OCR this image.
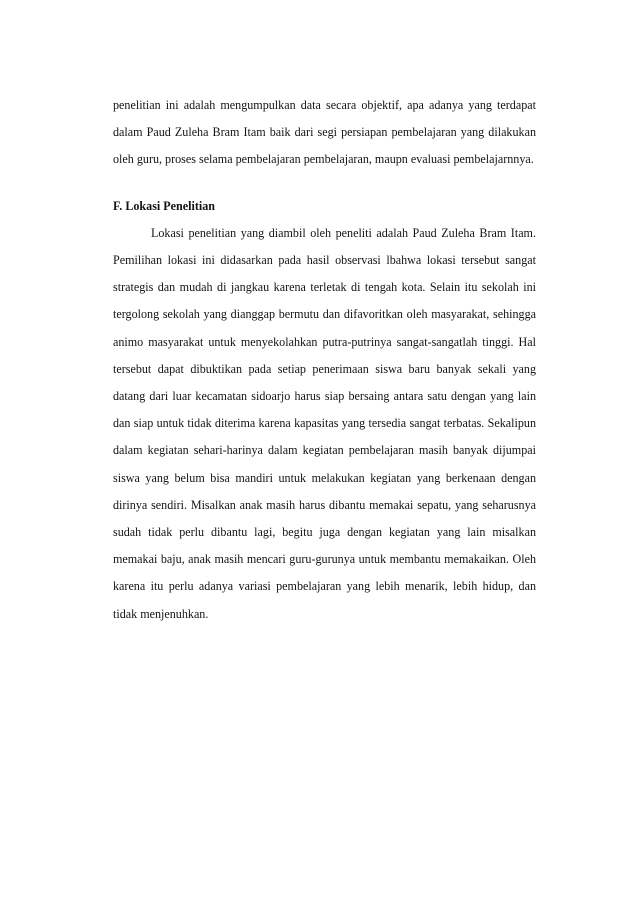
penelitian ini adalah mengumpulkan data secara objektif, apa adanya yang terdapat dalam Paud Zuleha Bram Itam baik dari segi persiapan pembelajaran yang dilakukan oleh guru, proses selama pembelajaran pembelajaran, maupn evaluasi pembelajarnnya.

F. Lokasi Penelitian

Lokasi penelitian yang diambil oleh peneliti adalah Paud Zuleha Bram Itam. Pemilihan lokasi ini didasarkan pada hasil observasi lbahwa lokasi tersebut sangat strategis dan mudah di jangkau karena terletak di tengah kota. Selain itu sekolah ini tergolong sekolah yang dianggap bermutu dan difavoritkan oleh masyarakat, sehingga animo masyarakat untuk menyekolahkan putra-putrinya sangat-sangatlah tinggi. Hal tersebut dapat dibuktikan pada setiap penerimaan siswa baru banyak sekali yang datang dari luar kecamatan sidoarjo harus siap bersaing antara satu dengan yang lain dan siap untuk tidak diterima karena kapasitas yang tersedia sangat terbatas. Sekalipun dalam kegiatan sehari-harinya dalam kegiatan pembelajaran masih banyak dijumpai siswa yang belum bisa mandiri untuk melakukan kegiatan yang berkenaan dengan dirinya sendiri. Misalkan anak masih harus dibantu memakai sepatu, yang seharusnya sudah tidak perlu dibantu lagi, begitu juga dengan kegiatan yang lain misalkan memakai baju, anak masih mencari guru-gurunya untuk membantu memakaikan. Oleh karena itu perlu adanya variasi pembelajaran yang lebih menarik, lebih hidup, dan tidak menjenuhkan.
